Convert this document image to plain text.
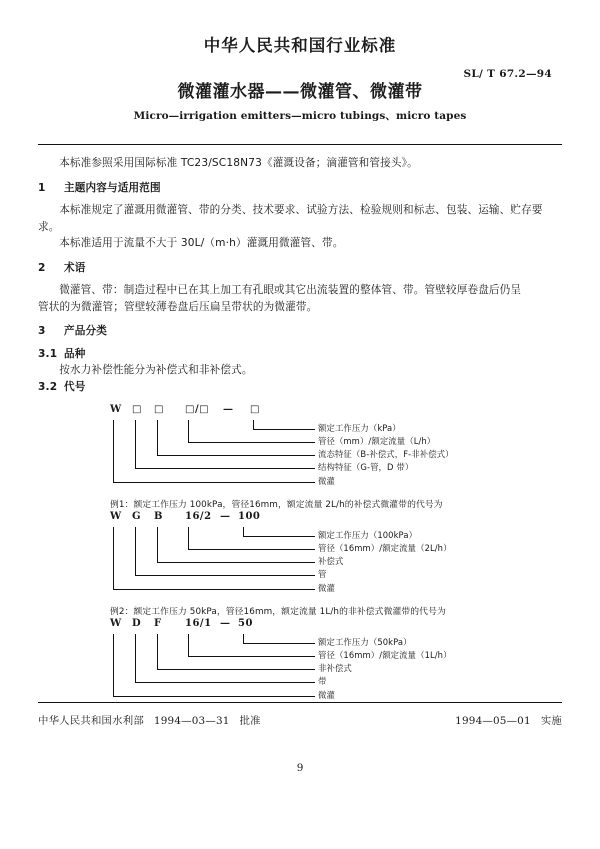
中华人民共和国行业标准
SL/ T 67.2—94
微灌灌水器——微灌管、微灌带
Micro—irrigation emitters—micro tubings、micro tapes

本标准参照采用国际标准 TC23/SC18N73《灌溉设备；滴灌管和管接头》。

1 主题内容与适用范围

本标准规定了灌溉用微灌管、带的分类、技术要求、试验方法、检验规则和标志、包装、运输、贮存要

求。

本标准适用于流量不大于 30L/（m·h）灌溉用微灌管、带。

2 术语

微灌管、带：制造过程中已在其上加工有孔眼或其它出流装置的整体管、带。管壁较厚卷盘后仍呈

管状的为微灌管；管壁较薄卷盘后压扁呈带状的为微灌带。

3 产品分类
3.1 品种

按水力补偿性能分为补偿式和非补偿式。

3.2 代号
W □ □ □/□ — □
额定工作压力（kPa）
管径（mm）/额定流量（L/h）
流态特征（B-补偿式，F-非补偿式）
结构特征（G-管，D 带）
微灌

例1：额定工作压力 100kPa，管径16mm，额定流量 2L/h的补偿式微灌带的代号为

W G B 16/2 — 100
额定工作压力（100kPa）
管径（16mm）/额定流量（2L/h）
补偿式
管
微灌

例2：额定工作压力 50kPa，管径16mm，额定流量 1L/h的非补偿式微灌带的代号为

W D F 16/1 — 50
额定工作压力（50kPa）
管径（16mm）/额定流量（1L/h）
非补偿式
带
微灌
中华人民共和国水利部 1994—03—31 批准	1994—05—01 实施
9
